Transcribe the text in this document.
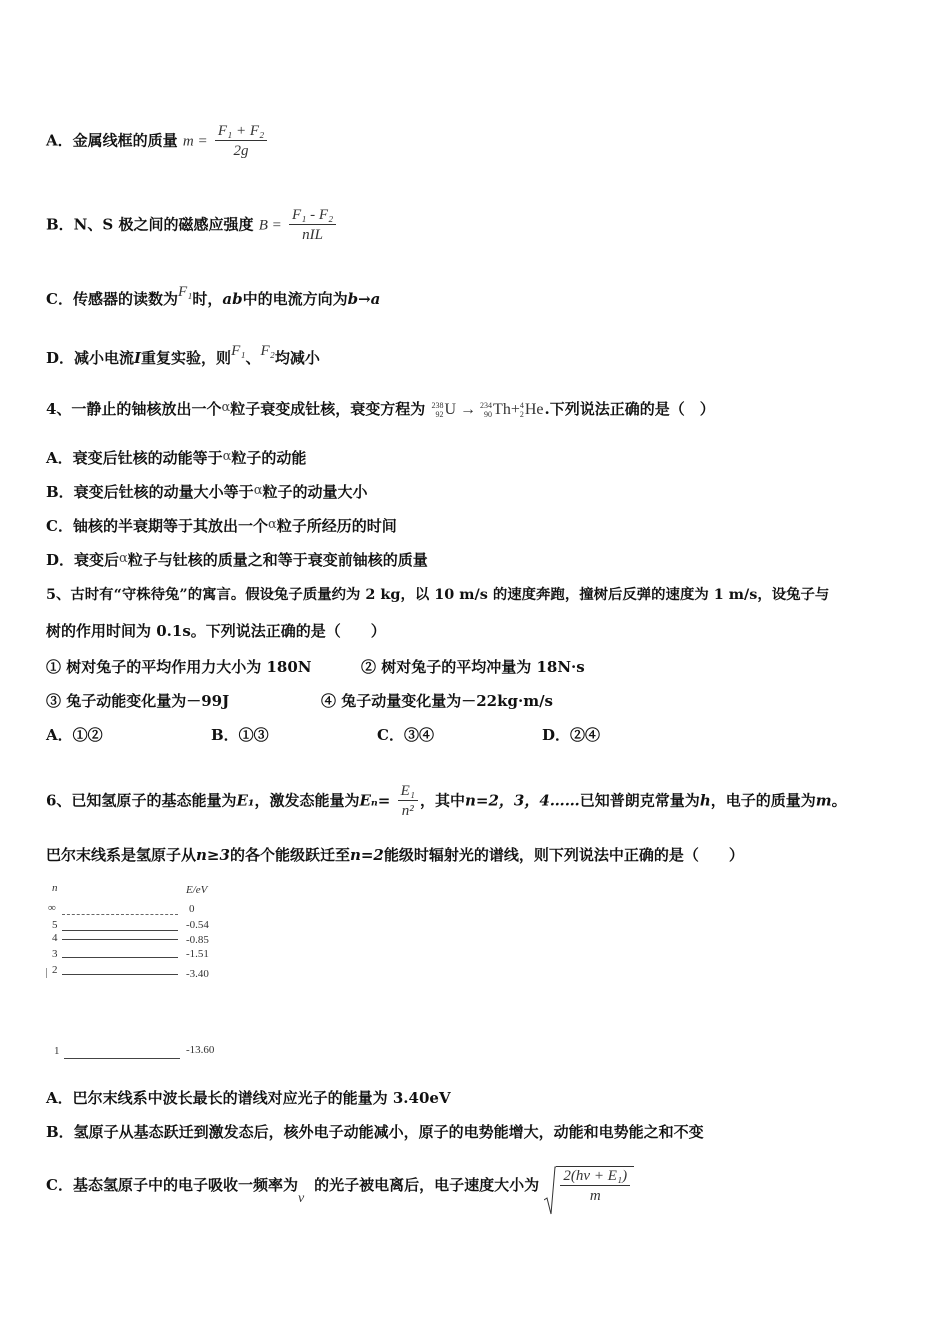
A．金属线框的质量 $m = \frac{\text{F₁ + F₂}}{2g}$
B．N、S 极之间的磁感应强度 $B = \frac{\text{F₁ - F₂}}{\text{nIL}}$
C．传感器的读数为F₁时，ab中的电流方向为b→a
D．减小电流I重复实验，则F₁、F₂均减小
4、一静止的铀核放出一个α粒子衰变成钍核，衰变方程为 238
92 U → 234
90 Th+ 4
2 He.下列说法正确的是（　）
A．衰变后钍核的动能等于α粒子的动能
B．衰变后钍核的动量大小等于α粒子的动量大小
C．铀核的半衰期等于其放出一个α粒子所经历的时间
D．衰变后α粒子与钍核的质量之和等于衰变前铀核的质量
5、古时有“守株待兔”的寓言。假设兔子质量约为 2 kg，以 10 m/s 的速度奔跑，撞树后反弹的速度为 1 m/s，设兔子与
树的作用时间为 0.1s。下列说法正确的是（　　）
① 树对兔子的平均作用力大小为 180N	② 树对兔子的平均冲量为 18N·s
③ 兔子动能变化量为－99J	④ 兔子动量变化量为－22kg·m/s
A．①②	B．①③	C．③④	D．②④
6、已知氢原子的基态能量为E₁，激发态能量为$E_n= \frac{\text{E₁}}{\text{n²}}$ ，其中n=2，3，4……已知普朗克常量为h，电子的质量为m。
巴尔末线系是氢原子从n≥3的各个能级跃迁至n=2能级时辐射光的谱线，则下列说法中正确的是（　　）
n	E/eV
∞	0
5	-0.54
4	-0.85
3	-1.51
2	-3.40
1	-13.60
A．巴尔末线系中波长最长的谱线对应光子的能量为 3.40eV
B．氢原子从基态跃迁到激发态后，核外电子动能减小，原子的电势能增大，动能和电势能之和不变
C．基态氢原子中的电子吸收一频率为ν的光子被电离后，电子速度大小为 $\frac{\text{2(hν + E₁)}}{m}$
